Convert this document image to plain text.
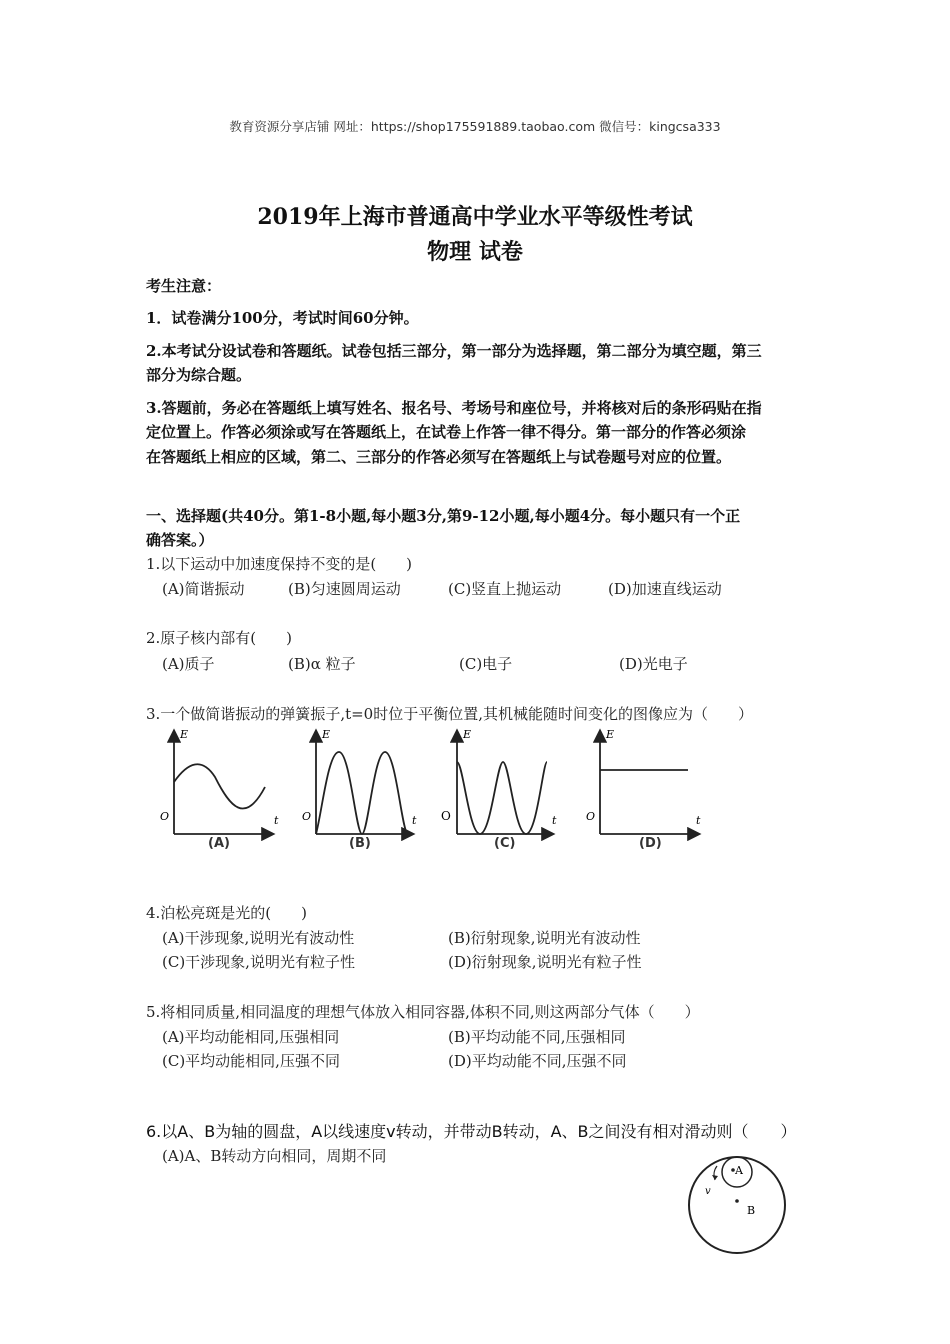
教育资源分享店铺 网址：https://shop175591889.taobao.com 微信号：kingcsa333
2019年上海市普通高中学业水平等级性考试
物理 试卷
考生注意：
1．试卷满分100分，考试时间60分钟。
2.本考试分设试卷和答题纸。试卷包括三部分，第一部分为选择题，第二部分为填空题，第三
部分为综合题。
3.答题前，务必在答题纸上填写姓名、报名号、考场号和座位号，并将核对后的条形码贴在指
定位置上。作答必须涂或写在答题纸上，在试卷上作答一律不得分。第一部分的作答必须涂
在答题纸上相应的区域，第二、三部分的作答必须写在答题纸上与试卷题号对应的位置。
一、选择题(共40分。第1-8小题,每小题3分,第9-12小题,每小题4分。每小题只有一个正
确答案。）
1.以下运动中加速度保持不变的是(　　)
(A)简谐振动	(B)匀速圆周运动	(C)竖直上抛运动	(D)加速直线运动
2.原子核内部有(　　)
(A)质子	(B)α 粒子	(C)电子	(D)光电子
3.一个做简谐振动的弹簧振子,t=0时位于平衡位置,其机械能随时间变化的图像应为（　　）
E
t
O
E
t
O
E
t
O
E
t
O
(A)	(B)	(C)	(D)
4.泊松亮斑是光的(　　)
(A)干涉现象,说明光有波动性	(B)衍射现象,说明光有波动性
(C)干涉现象,说明光有粒子性	(D)衍射现象,说明光有粒子性
5.将相同质量,相同温度的理想气体放入相同容器,体积不同,则这两部分气体（　　）
(A)平均动能相同,压强相同	(B)平均动能不同,压强相同
(C)平均动能相同,压强不同	(D)平均动能不同,压强不同
6.以A、B为轴的圆盘，A以线速度v转动，并带动B转动，A、B之间没有相对滑动则（　　）
(A)A、B转动方向相同，周期不同
A
B
v
